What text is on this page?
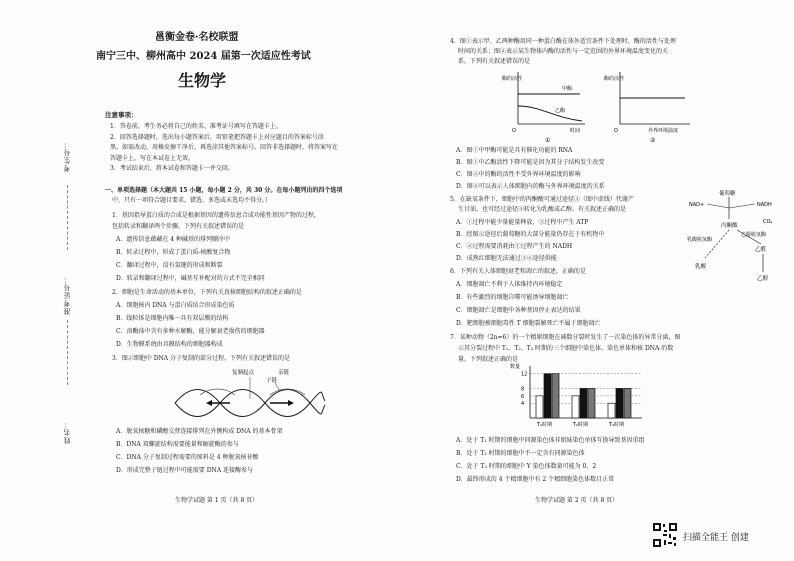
考生号：
准考证号：
姓名：
邕衡金卷·名校联盟
南宁三中、柳州高中 2024 届第一次适应性考试
生物学
注意事项：
1．答卷前，考生务必将自己的姓名、准考证号填写在答题卡上。
2．回答选择题时，选出每小题答案后，用铅笔把答题卡上对应题目的答案标号涂
黑。如需改动，用橡皮擦干净后，再选涂其他答案标号。回答非选择题时，将答案写在
答题卡上，写在本试卷上无效。
3．考试结束后，将本试卷和答题卡一并交回。
一、单项选择题（本大题共 15 小题，每小题 2 分，共 30 分。在每小题列出的四个选项
中，只有一项符合题目要求，错选、多选或未选均不得分。）
1．基因指导蛋白质的合成是根据基因的遗传信息合成功能性基因产物的过程，
包括转录和翻译两个步骤。下列有关叙述错误的是
A．遗传信息蕴藏在 4 种碱基的排列顺序中
B．转录过程中，形成了蛋白质-核酸复合物
C．翻译过程中，没有氢键的形成和断裂
D．转录和翻译过程中，碱基互补配对的方式不完全相同
2．细胞是生命活动的基本单位，下列有关真核细胞结构的叙述正确的是
A．细胞核内 DNA 与蛋白质结合形成染色质
B．线粒体是细胞内唯一具有双层膜的结构
C．溶酶体中含有多种水解酶，能分解衰老损伤的细胞器
D．生物膜系统由具膜结构的细胞器构成
3．图示细胞中 DNA 分子复制的部分过程。下列有关叙述错误的是
复制起点
子链
亲链
A．脱氧核糖和磷酸交替连接排列在外侧构成 DNA 的基本骨架
B．DNA 双螺旋结构需要能量和解旋酶的参与
C．DNA 分子复制过程需要的原料是 4 种脱氧核苷酸
D．形成完整子链过程中可能需要 DNA 连接酶参与
生物学试题 第 1 页（共 8 页）
4．图①表示甲、乙两种酶用同一种蛋白酶在体外适宜条件下处理时，酶的活性与处理
时间的关系；图②表示某生物体内酶的活性与一定范围的外界环境温度变化的关
系。下列有关叙述错误的是
酶的活性
甲酶
乙酶
O	时间
①
酶的活性
O	外界环境温度
②
A．图①中甲酶可能是具有催化功能的 RNA
B．图①中乙酶活性下降可能是因为其分子结构发生改变
C．图②中的酶的活性不受外界环境温度的影响
D．图②可以表示人体细胞内的酶与外界环境温度的关系
5．在缺氧条件下，细胞中的丙酮酸可通过途径③（图中虚线）代谢产
生甘油，也可经过途径④转化为乳酸或乙醇。有关叙述正确的是
A．①过程中能少量能量释放，③过程中产生 ATP
B．经图示途径后葡萄糖的大部分能量仍存在于有机物中
C．②过程需要消耗由①过程产生的 NADH
D．成熟红细胞无法通过③④途径供能
葡萄糖
NAD+	NADH
丙酮酸
CO₂
乙醛
乙醇
乳酸
乳酸脱氢酶
乙醇脱氢酶
6．下列有关人体细胞衰老和凋亡的叙述，正确的是
A．细胞凋亡不利于人体维持内环境稳定
B．有些激烈的细胞自噬可能诱导细胞凋亡
C．细胞凋亡是细胞中各种基因停止表达的结果
D．靶细胞被细胞毒性 T 细胞裂解死亡不属于细胞凋亡
7．某种动物（2n=6）的一个精原细胞在减数分裂时发生了一次染色体的异常分离，图
示其分裂过程中 T₁、T₂、T₃ 时期的三个细胞中染色体、染色单体和核 DNA 的数
量。下列叙述正确的是
数量
4
6
8
12
T₁时期	T₂时期	T₃时期
A．处于 T₁ 时期的细胞中同源染色体非姐妹染色单体互换导致基因重组
B．处于 T₂ 时期的细胞中不一定含有同源染色体
C．处于 T₃ 时期的细胞中 Y 染色体数量可能为 0、2
D．最终形成的 4 个精细胞中有 2 个精细胞染色体数目正常
生物学试题 第 2 页（共 8 页）
扫描全能王 创建
